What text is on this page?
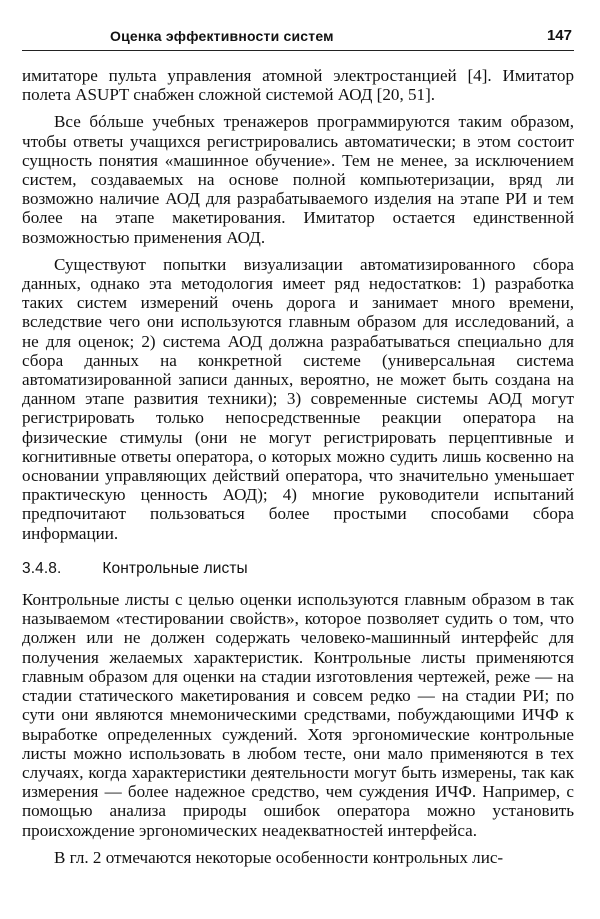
Оценка эффективности систем	147

имитаторе пульта управления атомной электростанцией [4]. Имитатор полета ASUPT снабжен сложной системой АОД [20, 51].

Все бóльше учебных тренажеров программируются таким образом, чтобы ответы учащихся регистрировались автоматически; в этом состоит сущность понятия «машинное обучение». Тем не менее, за исключением систем, создаваемых на основе полной компьютеризации, вряд ли возможно наличие АОД для разрабатываемого изделия на этапе РИ и тем более на этапе макетирования. Имитатор остается единственной возможностью применения АОД.

Существуют попытки визуализации автоматизированного сбора данных, однако эта методология имеет ряд недостатков: 1) разработка таких систем измерений очень дорога и занимает много времени, вследствие чего они используются главным образом для исследований, а не для оценок; 2) система АОД должна разрабатываться специально для сбора данных на конкретной системе (универсальная система автоматизированной записи данных, вероятно, не может быть создана на данном этапе развития техники); 3) современные системы АОД могут регистрировать только непосредственные реакции оператора на физические стимулы (они не могут регистрировать перцептивные и когнитивные ответы оператора, о которых можно судить лишь косвенно на основании управляющих действий оператора, что значительно уменьшает практическую ценность АОД); 4) многие руководители испытаний предпочитают пользоваться более простыми способами сбора информации.

3.4.8.	Контрольные листы

Контрольные листы с целью оценки используются главным образом в так называемом «тестировании свойств», которое позволяет судить о том, что должен или не должен содержать человеко-машинный интерфейс для получения желаемых характеристик. Контрольные листы применяются главным образом для оценки на стадии изготовления чертежей, реже — на стадии статического макетирования и совсем редко — на стадии РИ; по сути они являются мнемоническими средствами, побуждающими ИЧФ к выработке определенных суждений. Хотя эргономические контрольные листы можно использовать в любом тесте, они мало применяются в тех случаях, когда характеристики деятельности могут быть измерены, так как измерения — более надежное средство, чем суждения ИЧФ. Например, с помощью анализа природы ошибок оператора можно установить происхождение эргономических неадекватностей интерфейса.

В гл. 2 отмечаются некоторые особенности контрольных лис-
